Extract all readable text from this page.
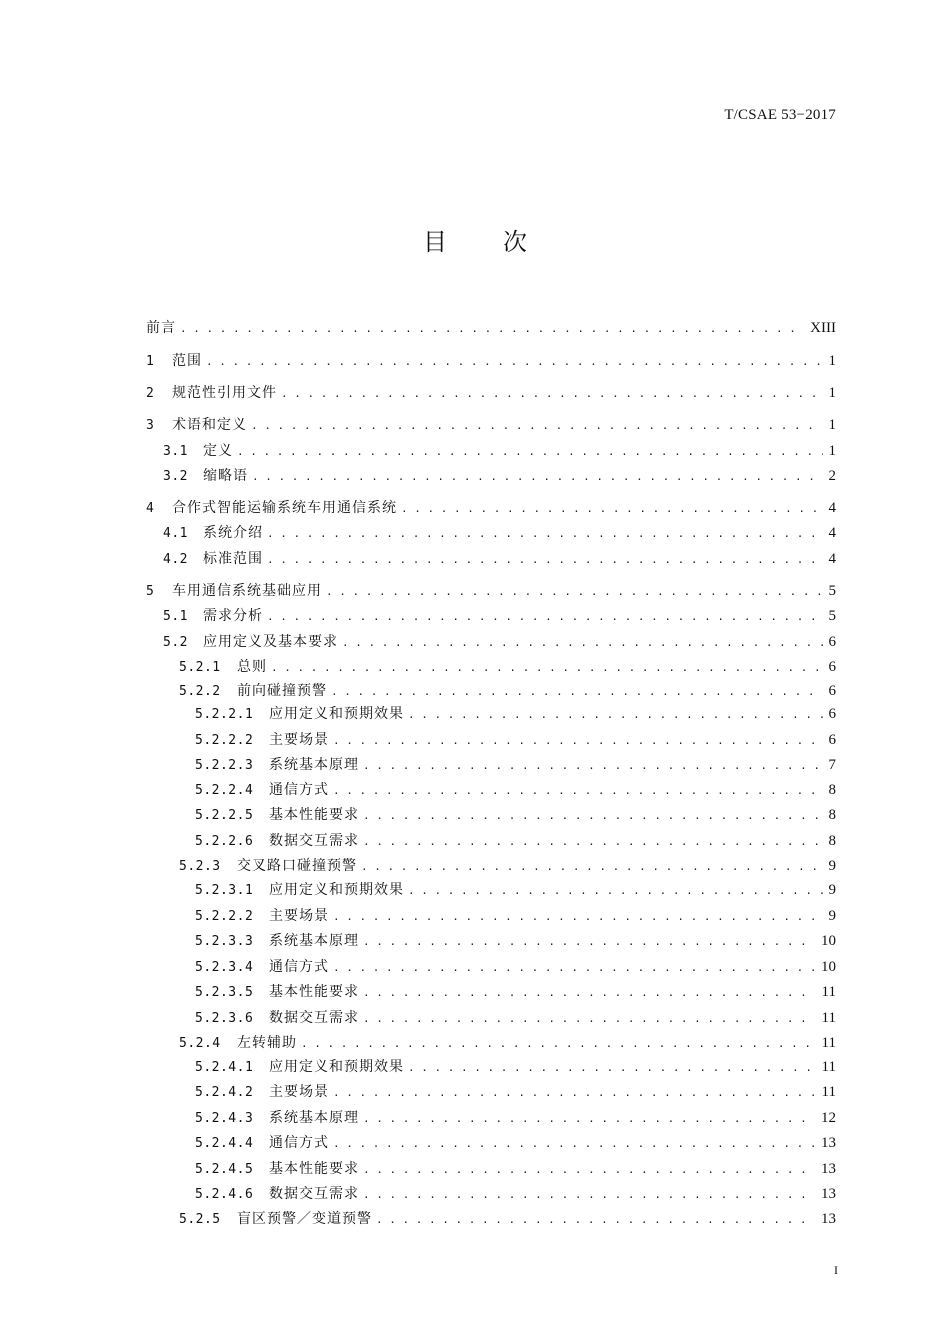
T/CSAE 53−2017
目次
前言 . . .	XIII
1	范围 . . .	1
2	规范性引用文件 . . .	1
3	术语和定义 . . .	1
3.1	定义 . . .	1
3.2	缩略语 . . .	2
4	合作式智能运输系统车用通信系统 . . .	4
4.1	系统介绍 . . .	4
4.2	标准范围 . . .	4
5	车用通信系统基础应用 . . .	5
5.1	需求分析 . . .	5
5.2	应用定义及基本要求 . . .	6
5.2.1	总则 . . .	6
5.2.2	前向碰撞预警 . . .	6
5.2.2.1	应用定义和预期效果 . . .	6
5.2.2.2	主要场景 . . .	6
5.2.2.3	系统基本原理 . . .	7
5.2.2.4	通信方式 . . .	8
5.2.2.5	基本性能要求 . . .	8
5.2.2.6	数据交互需求 . . .	8
5.2.3	交叉路口碰撞预警 . . .	9
5.2.3.1	应用定义和预期效果 . . .	9
5.2.2.2	主要场景 . . .	9
5.2.3.3	系统基本原理 . . .	10
5.2.3.4	通信方式 . . .	10
5.2.3.5	基本性能要求 . . .	11
5.2.3.6	数据交互需求 . . .	11
5.2.4	左转辅助 . . .	11
5.2.4.1	应用定义和预期效果 . . .	11
5.2.4.2	主要场景 . . .	11
5.2.4.3	系统基本原理 . . .	12
5.2.4.4	通信方式 . . .	13
5.2.4.5	基本性能要求 . . .	13
5.2.4.6	数据交互需求 . . .	13
5.2.5	盲区预警／变道预警 . . .	13
I
